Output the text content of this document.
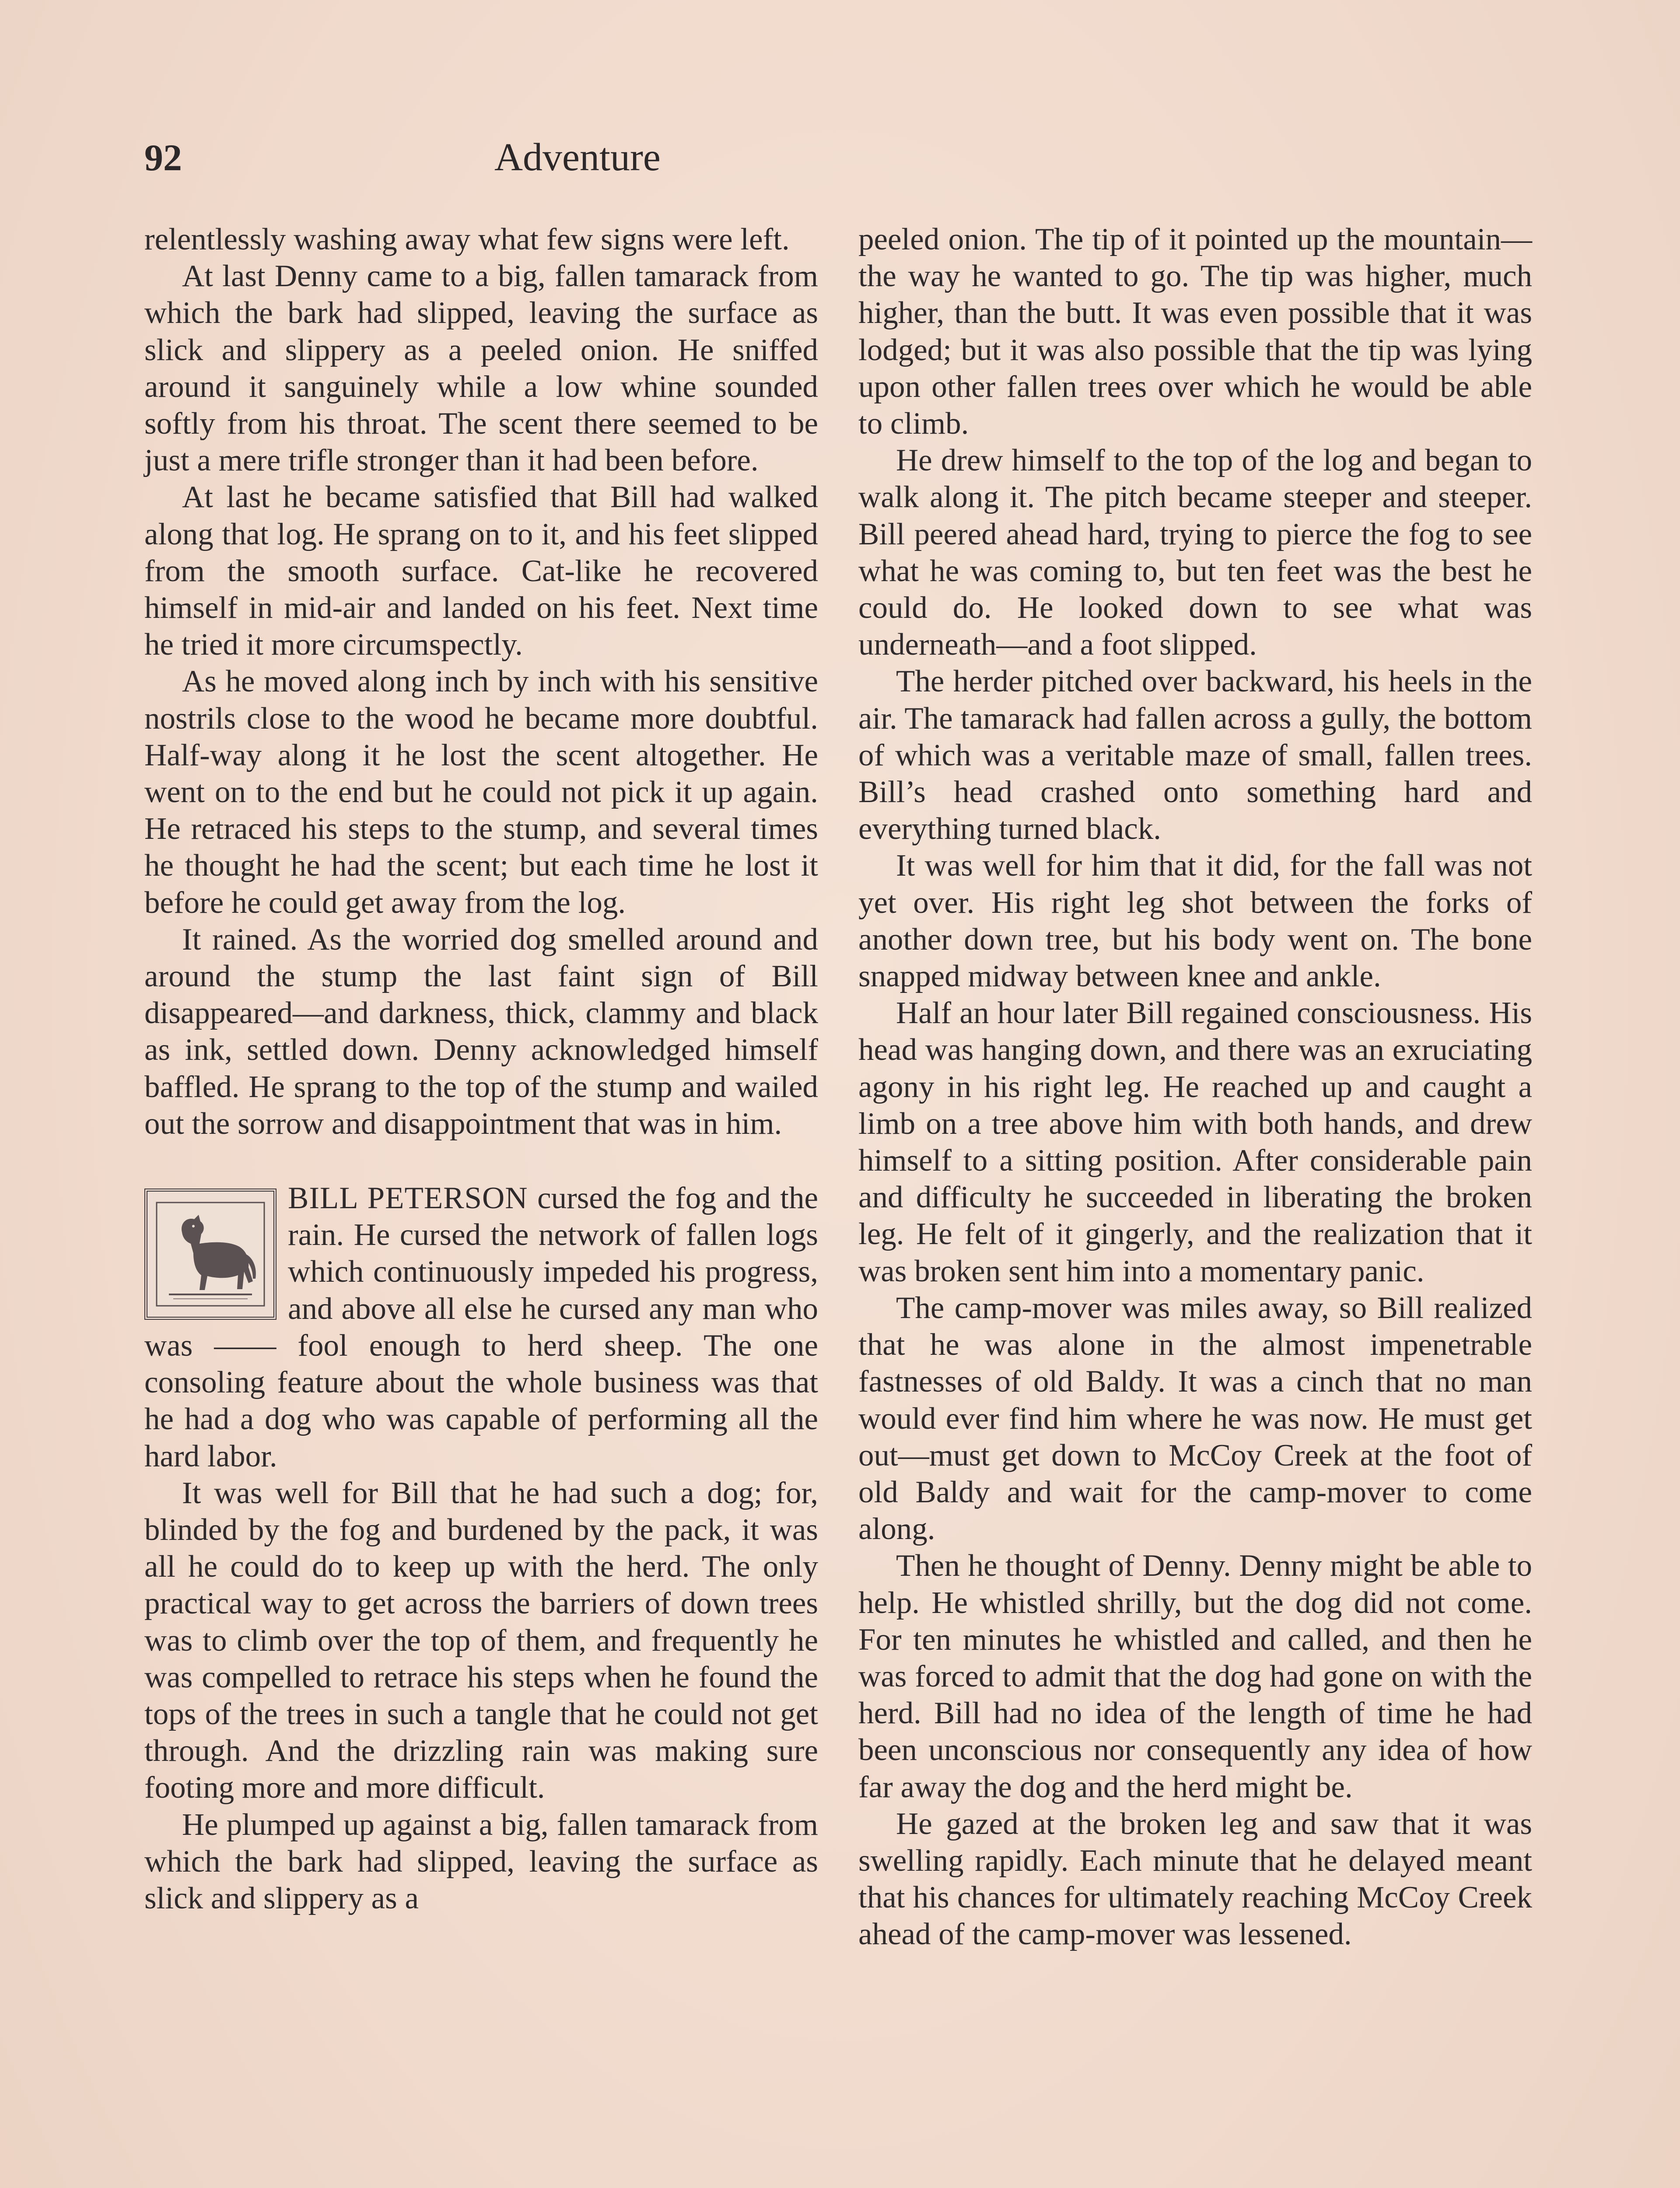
92	Adventure

relentlessly washing away what few signs were left.

At last Denny came to a big, fallen tamarack from which the bark had slipped, leaving the surface as slick and slippery as a peeled onion. He sniffed around it sanguinely while a low whine sounded softly from his throat. The scent there seemed to be just a mere trifle stronger than it had been before.

At last he became satisfied that Bill had walked along that log. He sprang on to it, and his feet slipped from the smooth surface. Cat-like he recovered himself in mid-air and landed on his feet. Next time he tried it more circumspectly.

As he moved along inch by inch with his sensitive nostrils close to the wood he became more doubtful. Half-way along it he lost the scent altogether. He went on to the end but he could not pick it up again. He retraced his steps to the stump, and several times he thought he had the scent; but each time he lost it before he could get away from the log.

It rained. As the worried dog smelled around and around the stump the last faint sign of Bill disappeared—and darkness, thick, clammy and black as ink, settled down. Denny acknowledged himself baffled. He sprang to the top of the stump and wailed out the sorrow and disappointment that was in him.

BILL PETERSON cursed the fog and the rain. He cursed the network of fallen logs which continuously impeded his progress, and above all else he cursed any man who was —— fool enough to herd sheep. The one consoling feature about the whole business was that he had a dog who was capable of performing all the hard labor.

It was well for Bill that he had such a dog; for, blinded by the fog and burdened by the pack, it was all he could do to keep up with the herd. The only practical way to get across the barriers of down trees was to climb over the top of them, and frequently he was compelled to retrace his steps when he found the tops of the trees in such a tangle that he could not get through. And the drizzling rain was making sure footing more and more difficult.

He plumped up against a big, fallen tamarack from which the bark had slipped, leaving the surface as slick and slippery as a

peeled onion. The tip of it pointed up the mountain—the way he wanted to go. The tip was higher, much higher, than the butt. It was even possible that it was lodged; but it was also possible that the tip was lying upon other fallen trees over which he would be able to climb.

He drew himself to the top of the log and began to walk along it. The pitch became steeper and steeper. Bill peered ahead hard, trying to pierce the fog to see what he was coming to, but ten feet was the best he could do. He looked down to see what was underneath—and a foot slipped.

The herder pitched over backward, his heels in the air. The tamarack had fallen across a gully, the bottom of which was a veritable maze of small, fallen trees. Bill’s head crashed onto something hard and everything turned black.

It was well for him that it did, for the fall was not yet over. His right leg shot between the forks of another down tree, but his body went on. The bone snapped midway between knee and ankle.

Half an hour later Bill regained consciousness. His head was hanging down, and there was an exruciating agony in his right leg. He reached up and caught a limb on a tree above him with both hands, and drew himself to a sitting position. After considerable pain and difficulty he succeeded in liberating the broken leg. He felt of it gingerly, and the realization that it was broken sent him into a momentary panic.

The camp-mover was miles away, so Bill realized that he was alone in the almost impenetrable fastnesses of old Baldy. It was a cinch that no man would ever find him where he was now. He must get out—must get down to McCoy Creek at the foot of old Baldy and wait for the camp-mover to come along.

Then he thought of Denny. Denny might be able to help. He whistled shrilly, but the dog did not come. For ten minutes he whistled and called, and then he was forced to admit that the dog had gone on with the herd. Bill had no idea of the length of time he had been unconscious nor consequently any idea of how far away the dog and the herd might be.

He gazed at the broken leg and saw that it was swelling rapidly. Each minute that he delayed meant that his chances for ultimately reaching McCoy Creek ahead of the camp-mover was lessened.
